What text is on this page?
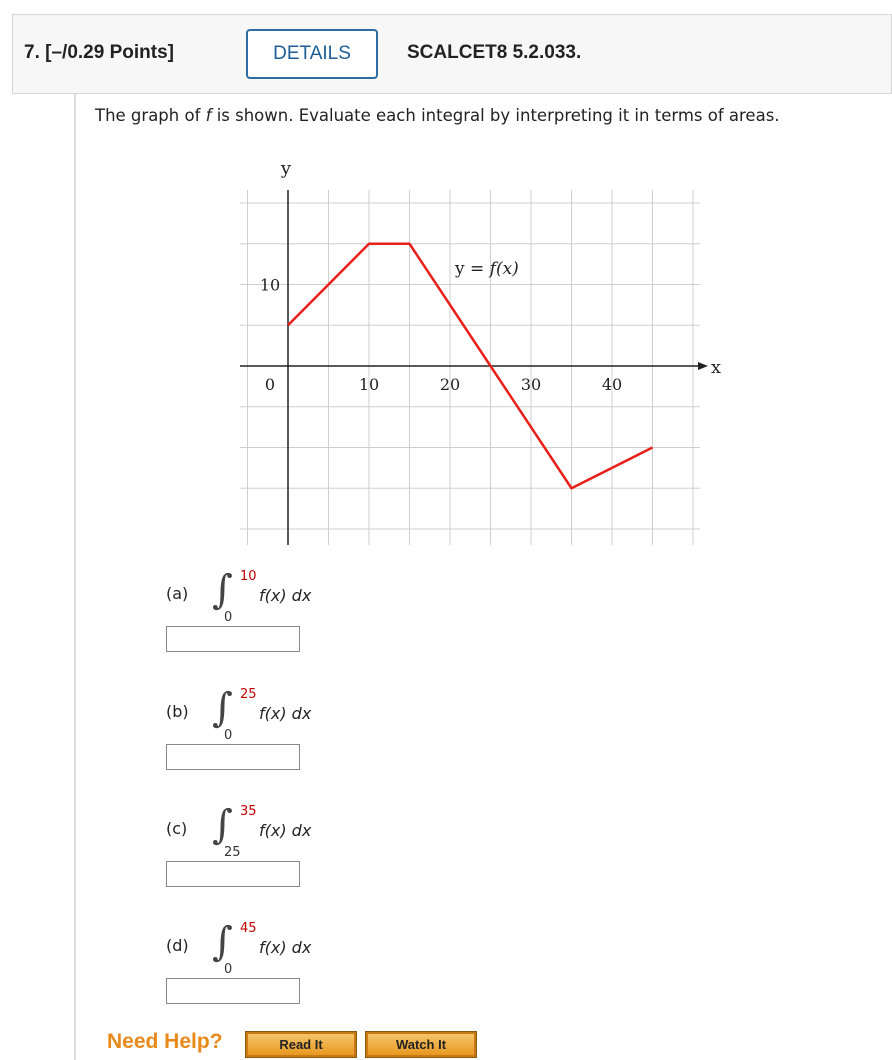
7. [–/0.29 Points]	DETAILS	SCALCET8 5.2.033.
The graph of f is shown. Evaluate each integral by interpreting it in terms of areas.
y
x
0	10	20	30	40
10
y = f(x)
(a) ∫ 10
0
f(x) dx
(b) ∫ 25
0
f(x) dx
(c) ∫ 35
25
f(x) dx
(d) ∫ 45
0
f(x) dx
Need Help?	Read It	Watch It
